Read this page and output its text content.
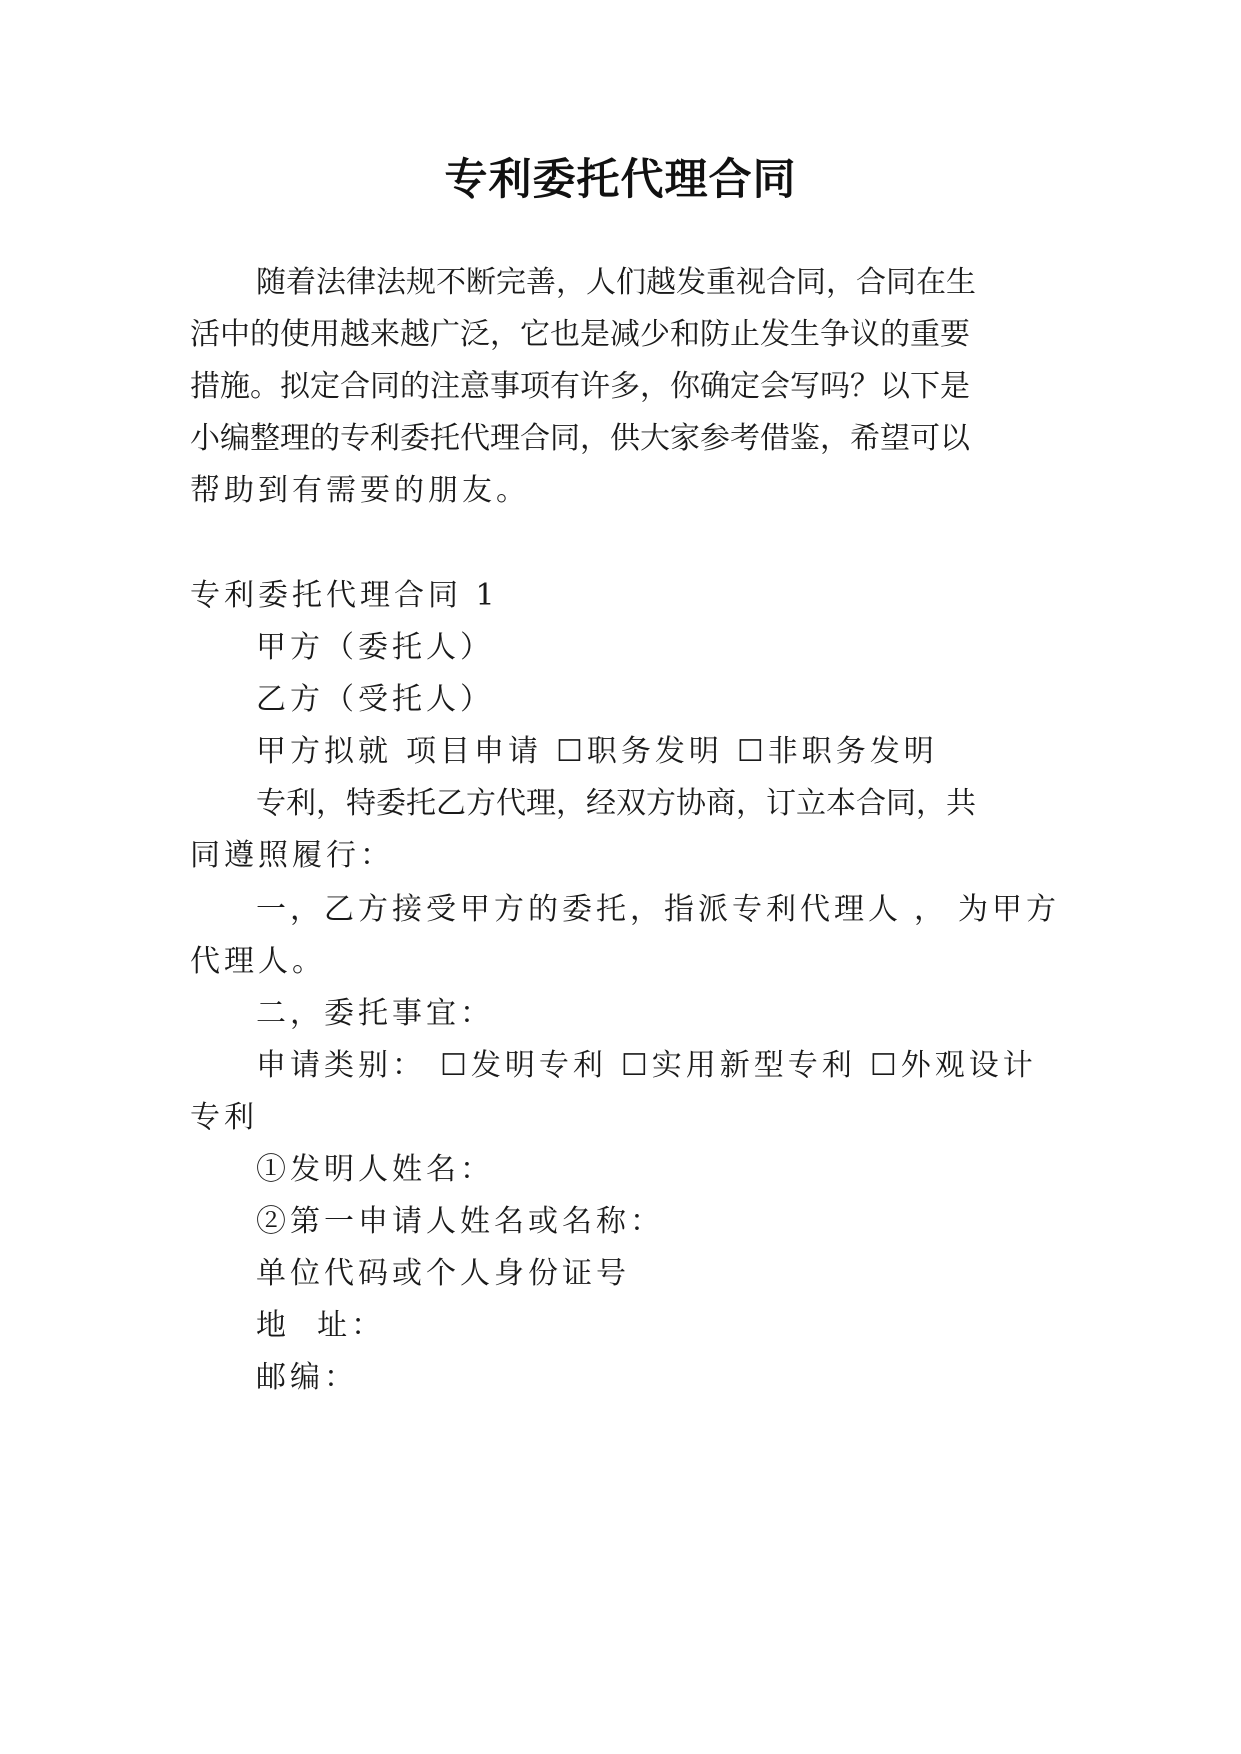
专利委托代理合同
随着法律法规不断完善，人们越发重视合同，合同在生
活中的使用越来越广泛，它也是减少和防止发生争议的重要
措施。拟定合同的注意事项有许多，你确定会写吗？以下是
小编整理的专利委托代理合同，供大家参考借鉴，希望可以
帮助到有需要的朋友。
专利委托代理合同 1
甲方（委托人）
乙方（受托人）
甲方拟就 项目申请 ☐职务发明 ☐非职务发明
专利，特委托乙方代理，经双方协商，订立本合同，共
同遵照履行：
一，乙方接受甲方的委托，指派专利代理人 ， 为甲方
代理人。
二，委托事宜：
申请类别： ☐发明专利 ☐实用新型专利 ☐外观设计
专利
①发明人姓名：
②第一申请人姓名或名称：
单位代码或个人身份证号
地  址：
邮编：
